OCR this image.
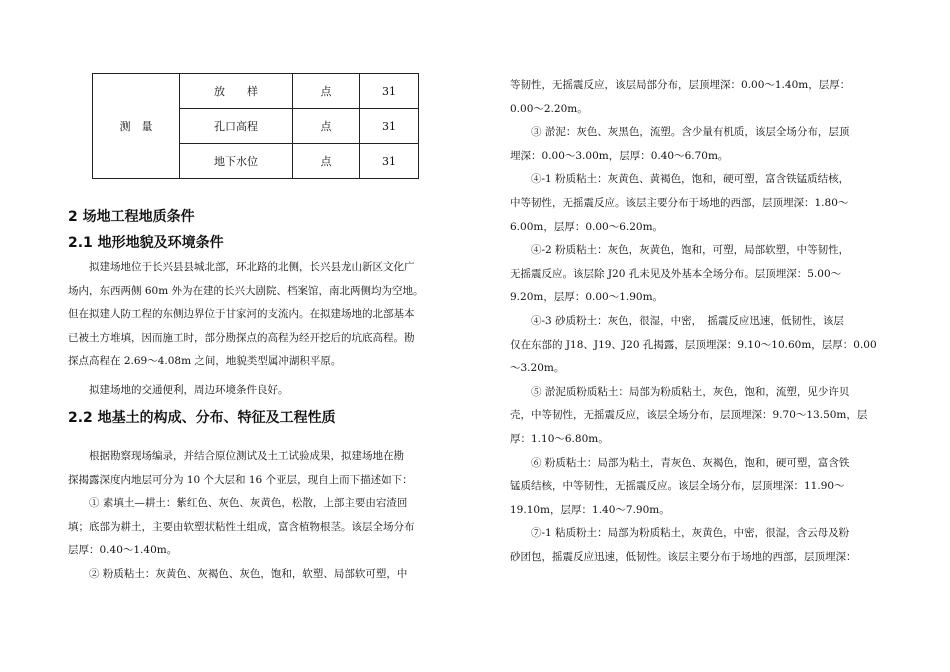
测　量	放　　样	点	31
	孔口高程	点	31
	地下水位	点	31
2 场地工程地质条件
2.1 地形地貌及环境条件
　　拟建场地位于长兴县县城北部，环北路的北侧，长兴县龙山新区文化广
场内，东西两侧 60m 外为在建的长兴大剧院、档案馆，南北两侧均为空地。
但在拟建人防工程的东侧边界位于甘家河的支流内。在拟建场地的北部基本
已被土方堆填，因而施工时，部分勘探点的高程为经开挖后的坑底高程。勘
探点高程在 2.69～4.08m 之间，地貌类型属冲湖积平原。
　　拟建场地的交通便利，周边环境条件良好。
2.2 地基土的构成、分布、特征及工程性质
　　根据勘察现场编录，并结合原位测试及土工试验成果，拟建场地在勘
探揭露深度内地层可分为 10 个大层和 16 个亚层，现自上而下描述如下：
　　① 素填土—耕土：紫红色、灰色、灰黄色，松散，上部主要由宕渣回
填；底部为耕土，主要由软塑状粘性土组成，富含植物根茎。该层全场分布
层厚：0.40～1.40m。
　　② 粉质粘土：灰黄色、灰褐色、灰色，饱和，软塑、局部软可塑，中
等韧性，无摇震反应，该层局部分布，层顶埋深：0.00～1.40m，层厚：
0.00～2.20m。
　　③ 淤泥：灰色、灰黑色，流塑。含少量有机质，该层全场分布，层顶
埋深：0.00～3.00m，层厚：0.40～6.70m。
　　④-1 粉质粘土：灰黄色、黄褐色，饱和，硬可塑，富含铁锰质结核，
中等韧性，无摇震反应。该层主要分布于场地的西部，层顶埋深：1.80～
6.00m，层厚：0.00～6.20m。
　　④-2 粉质粘土：灰色，灰黄色，饱和，可塑，局部软塑，中等韧性，
无摇震反应。该层除 J20 孔未见及外基本全场分布。层顶埋深：5.00～
9.20m，层厚：0.00～1.90m。
　　④-3 砂质粉土：灰色，很湿，中密，　摇震反应迅速，低韧性，该层
仅在东部的 J18、J19、J20 孔揭露，层顶埋深：9.10～10.60m，层厚：0.00
～3.20m。
　　⑤ 淤泥质粉质粘土：局部为粉质粘土，灰色，饱和，流塑，见少许贝
壳，中等韧性，无摇震反应，该层全场分布，层顶埋深：9.70～13.50m，层
厚：1.10～6.80m。
　　⑥ 粉质粘土：局部为粘土，青灰色、灰褐色，饱和，硬可塑，富含铁
锰质结核，中等韧性，无摇震反应。该层全场分布，层顶埋深：11.90～
19.10m，层厚：1.40～7.90m。
　　⑦-1 粘质粉土：局部为粉质粘土，灰黄色，中密，很湿，含云母及粉
砂团包，摇震反应迅速，低韧性。该层主要分布于场地的西部，层顶埋深：
